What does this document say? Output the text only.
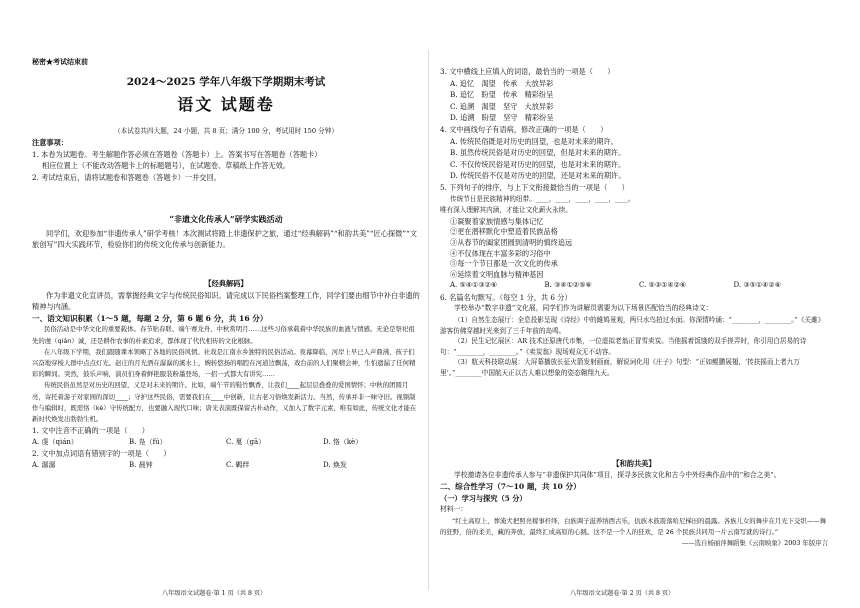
秘密★考试结束前
2024～2025 学年八年级下学期期末考试
语文 试题卷

（本试卷共四大题，24 小题，共 8 页；满分 100 分，考试用时 150 分钟）

注意事项：

1. 本卷为试题卷。考生解题作答必须在答题卷（答题卡）上。答案书写在答题卷（答题卡）

相应位置上（不能改动答题卡上的标题题号），在试题卷、草稿纸上作答无效。

2. 考试结束后，请将试题卷和答题卷（答题卡）一并交回。

“非遗文化传承人”研学实践活动

同学们，欢迎参加“非遗传承人”研学考核！本次测试将踏上非遗保护之旅，通过“经典解码”“和韵共美”“匠心探微”“文旅创写”四大实践环节，检验你们的传统文化传承与创新能力。

【经典解码】

作为非遗文化宣讲员，需掌握经典文字与传统民俗知识。请完成以下民俗档案整理工作，同学们要由细节中补白非遗的精神与内涵。

一、语文知识积累（1～5 题，每题 2 分，第 6 题 6 分，共 16 分）

民俗活动是中华文化的重要载体。春节贴春联、端午赛龙舟、中秋赏明月……这些习俗承载着中华民族的血液与情感。无论是祭祀祖先的虔（qián）诚，还是耕作农事的朴素追求，都体现了代代相传的文化根脉。

在八年级下学期，我们跟随课本领略了各地的民俗风情。社戏是江南水乡独特的民俗活动。夜幕降临，河岸上早已人声鼎沸，孩子们兴奋地穿梭人群中点点灯光。赵庄的月光洒在潺潺的溪水上，婉转悠扬的唱腔在河道边飘荡，戏台前的人们聚精会神，生怕遗漏了任何精彩的瞬间。突然，鼓乐声响，演员们身着鲜艳服装粉墨登场，一招一式都大有讲究……

传统民俗虽然是对历史的回望，又是对未来的期许。比如，端午节的鞋竹飘香，让我们____起层层叠叠的爱国情怀；中秋的团圆月亮，寄托着游子对家园的深切____；守护这些民俗，需要我们在____中创新，让古老习俗焕发新活力。当然，传承并非一味守旧。视频制作与编辑时，既需恪（kè）守传统配方，也要融入现代口味；唐光表演既保留古朴动作，又加入了数字元素，唯有如此，传统文化才能在新时代焕发出勃勃生机。

1. 文中注音不正确的一项是（　　）

A. 虔（qián）	B. 凫（fú）	C. 戛（gā）	D. 恪（kè）

2. 文中加点词语有错别字的一项是（　　）

A. 潺潺	B. 晨钟	C. 羁绊	D. 焕发
八年级语文试题卷·第 1 页（共 8 页）

3. 文中横线上应填入的词语，最恰当的一项是（　　）

A. 追忆　渴望　传承　大放异彩

B. 追忆　盼望　传承　精彩纷呈

C. 追溯　渴望　坚守　大放异彩

D. 追溯　盼望　坚守　精彩纷呈

4. 文中画线句子有语病，修改正确的一项是（　　）

A. 传统民俗既是对历史的回望，也是对未来的期许。

B. 虽然传统民俗是对历史的回望，但是对未来的期许。

C. 不仅传统民俗是对历史的回望，也是对未来的期许。

D. 传统民俗不仅是对历史的回望，还是对未来的期许。

5. 下列句子的排序，与上下文衔接最恰当的一项是（　　）

传统节日是民族精神的纽带。____，____，____，____，____。

唯有深入理解其内涵，才能让文化薪火永续。

①凝聚着家族情感与集体记忆

②更在潜移默化中塑造着民族品格

③从春节的阖家团圆到清明的慎终追远

④不仅体现在丰富多彩的习俗中

⑤每一个节日都是一次文化的传承

⑥延续着文明血脉与精神基因

A. ⑤④①③②⑥	B. ③④①②⑤⑥	C. ⑤③①④②⑥	D. ③⑤①④②⑥

6. 名篇名句默写。（每空 1 分，共 6 分）

学校举办“数字非遗”文化展，同学们作为讲解员需要为以下场景匹配恰当的经典诗文：

（1）自然生态展厅：全息投影呈现《诗经》中的雎鸠景观，两只水鸟拍过水面。你深情吟诵：“________，________。”《关雎》游客仿佛穿越时光来到了三千年前的岛鸣。

（2）民生记忆展区：AR 技术还原唐代市集，一位虚拟老翁正冒雪卖炭。当他摇着饭饿的双手搓弄时，你引用白居易的诗句：“________，________。”《卖炭翁》现场观众无不动容。

（3）航天科技联动展：大屏幕播放长征火箭发射画面，解说词化用《庄子》句型：“正如鲲鹏展翅，‘抟扶摇而上者九万里’。”________中国航天正以古人难以想象的姿态翱翔九天。

【和韵共美】

学校邀请各位非遗传承人参与“非遗保护共同体”项目，探寻多民族文化和古今中外经典作品中的“和合之美”。

二、综合性学习（7～10 题，共 10 分）

（一）学习与探究（5 分）

材料一：

“红土高原上，葬淹犬把照亮稼事杆绎，白族调子滋养纳西古乐，佤族木鼓震落哈尼梯田的晨露。各族儿女的舞步在月光下交织——舞的狂野，倍的柔美，藏的奔放，最终汇成高原的心跳。这不是一个人的狂欢，是 26 个民族共同用一片云南写就的诗行。”

——选自杨丽萍舞蹈集《云南映象》2003 年版序言

八年级语文试题卷·第 2 页（共 8 页）
